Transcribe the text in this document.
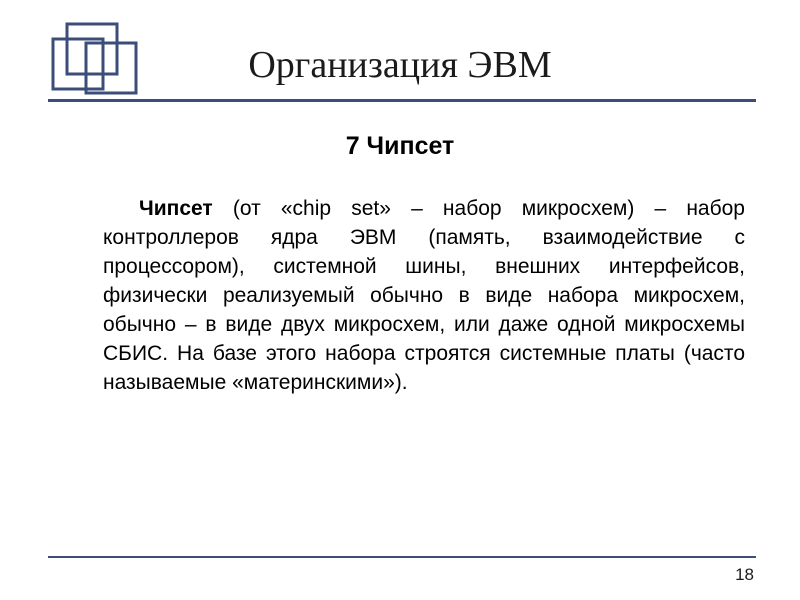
Организация ЭВМ
7 Чипсет

Чипсет (от «chip set» – набор микросхем) – набор контроллеров ядра ЭВМ (память, взаимодействие с процессором), системной шины, внешних интерфейсов, физически реализуемый обычно в виде набора микросхем, обычно – в виде двух микросхем, или даже одной микросхемы СБИС. На базе этого набора строятся системные платы (часто называемые «материнскими»).

18
